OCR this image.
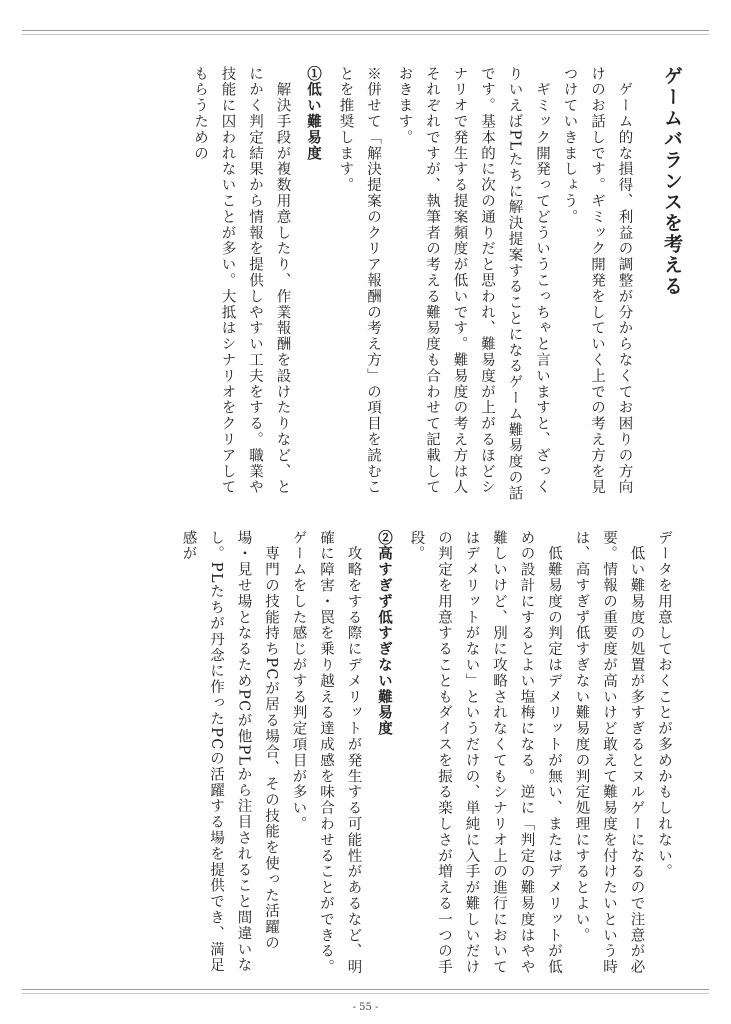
ゲームバランスを考える

　ゲーム的な損得、利益の調整が分からなくてお困りの方向けのお話しです。ギミック開発をしていく上での考え方を見つけていきましょう。

　ギミック開発ってどういうこっちゃと言いますと、ざっくりいえばPLたちに解決提案することになるゲーム難易度の話です。基本的に次の通りだと思われ、難易度が上がるほどシナリオで発生する提案頻度が低いです。難易度の考え方は人それぞれですが、執筆者の考える難易度も合わせて記載しておきます。

※併せて「解決提案のクリア報酬の考え方」の項目を読むことを推奨します。

①低い難易度

　解決手段が複数用意したり、作業報酬を設けたりなど、とにかく判定結果から情報を提供しやすい工夫をする。職業や技能に囚われないことが多い。大抵はシナリオをクリアしてもらうための

データを用意しておくことが多めかもしれない。

　低い難易度の処置が多すぎるとヌルゲーになるので注意が必要。情報の重要度が高いけど敢えて難易度を付けたいという時は、高すぎず低すぎない難易度の判定処理にするとよい。

　低難易度の判定はデメリットが無い、またはデメリットが低めの設計にするとよい塩梅になる。逆に「判定の難易度はやや難しいけど、別に攻略されなくてもシナリオ上の進行においてはデメリットがない」というだけの、単純に入手が難しいだけの判定を用意することもダイスを振る楽しさが増える一つの手段。

②高すぎず低すぎない難易度

　攻略をする際にデメリットが発生する可能性があるなど、明確に障害・罠を乗り越える達成感を味合わせることができる。ゲームをした感じがする判定項目が多い。

　専門の技能持ちPCが居る場合、その技能を使った活躍の場・見せ場となるためPCが他PLから注目されること間違いなし。PLたちが丹念に作ったPCの活躍する場を提供でき、満足感が

- 55 -
